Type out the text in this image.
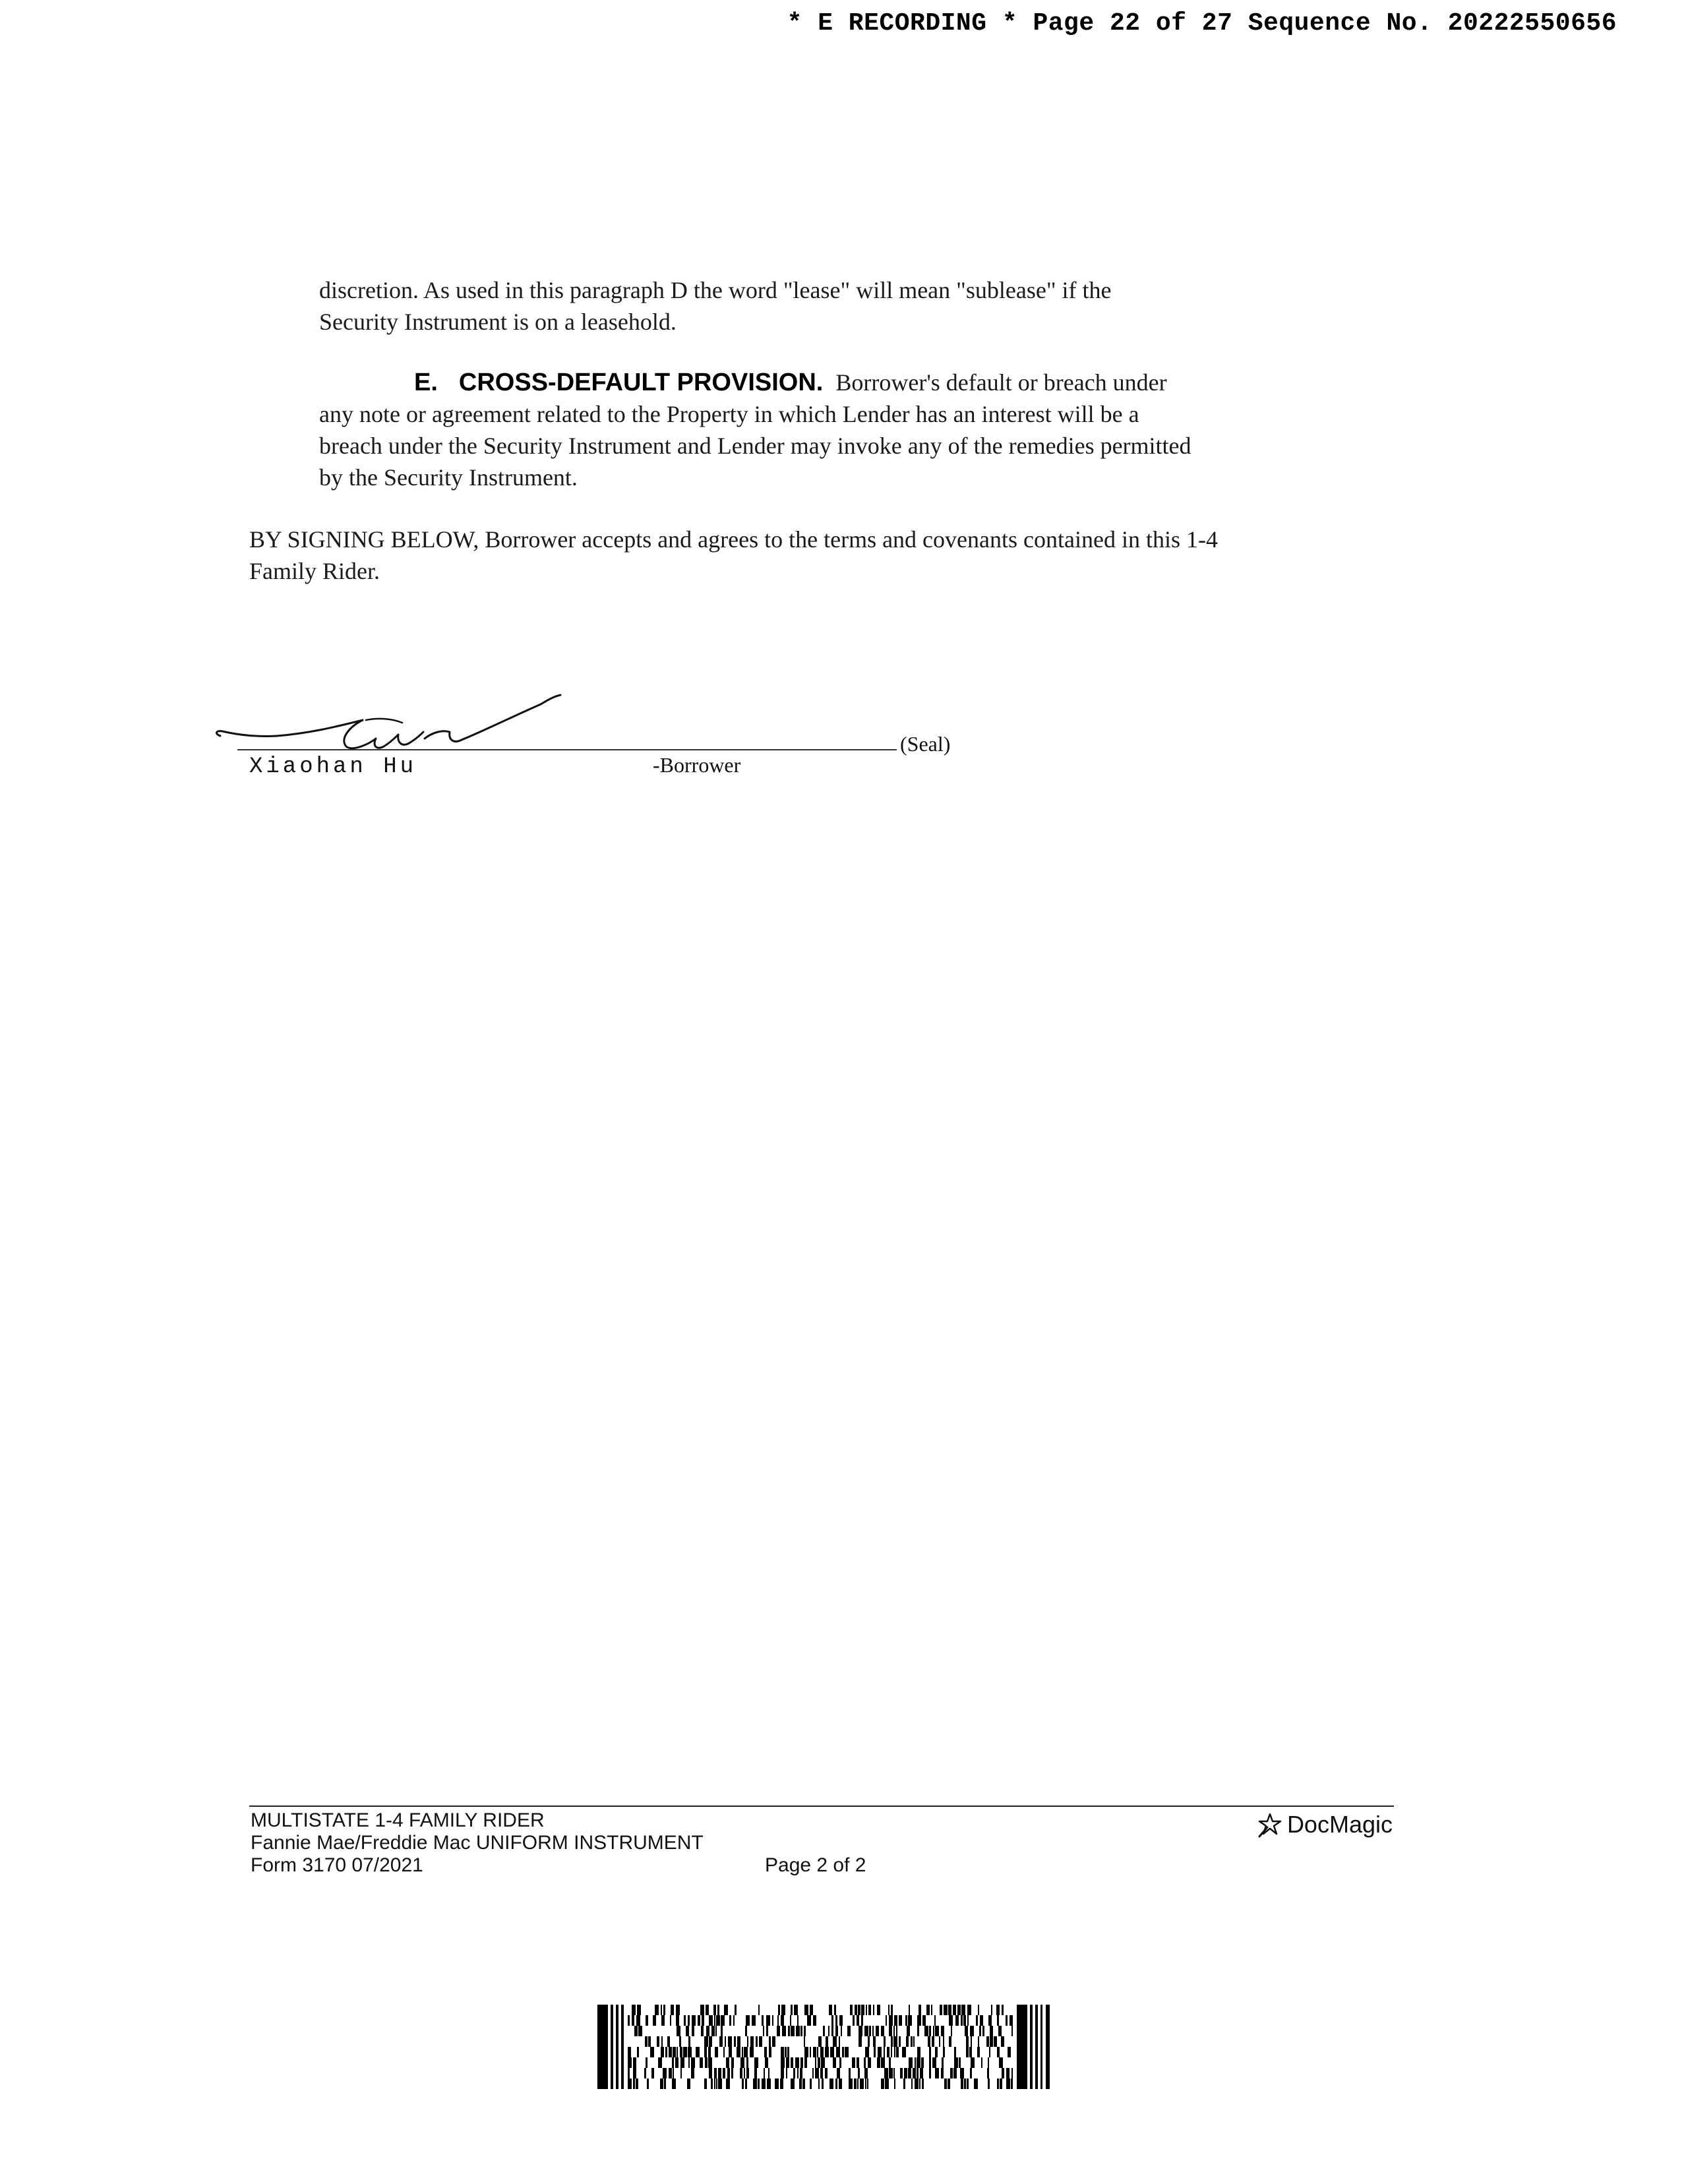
* E RECORDING * Page 22 of 27 Sequence No. 20222550656
discretion. As used in this paragraph D the word "lease" will mean "sublease" if the
Security Instrument is on a leasehold.
E. CROSS-DEFAULT PROVISION. Borrower's default or breach under
any note or agreement related to the Property in which Lender has an interest will be a
breach under the Security Instrument and Lender may invoke any of the remedies permitted
by the Security Instrument.
BY SIGNING BELOW, Borrower accepts and agrees to the terms and covenants contained in this 1-4
Family Rider.
(Seal)
Xiaohan Hu	-Borrower
MULTISTATE 1-4 FAMILY RIDER
Fannie Mae/Freddie Mac UNIFORM INSTRUMENT
Form 3170 07/2021	Page 2 of 2
DocMagic
